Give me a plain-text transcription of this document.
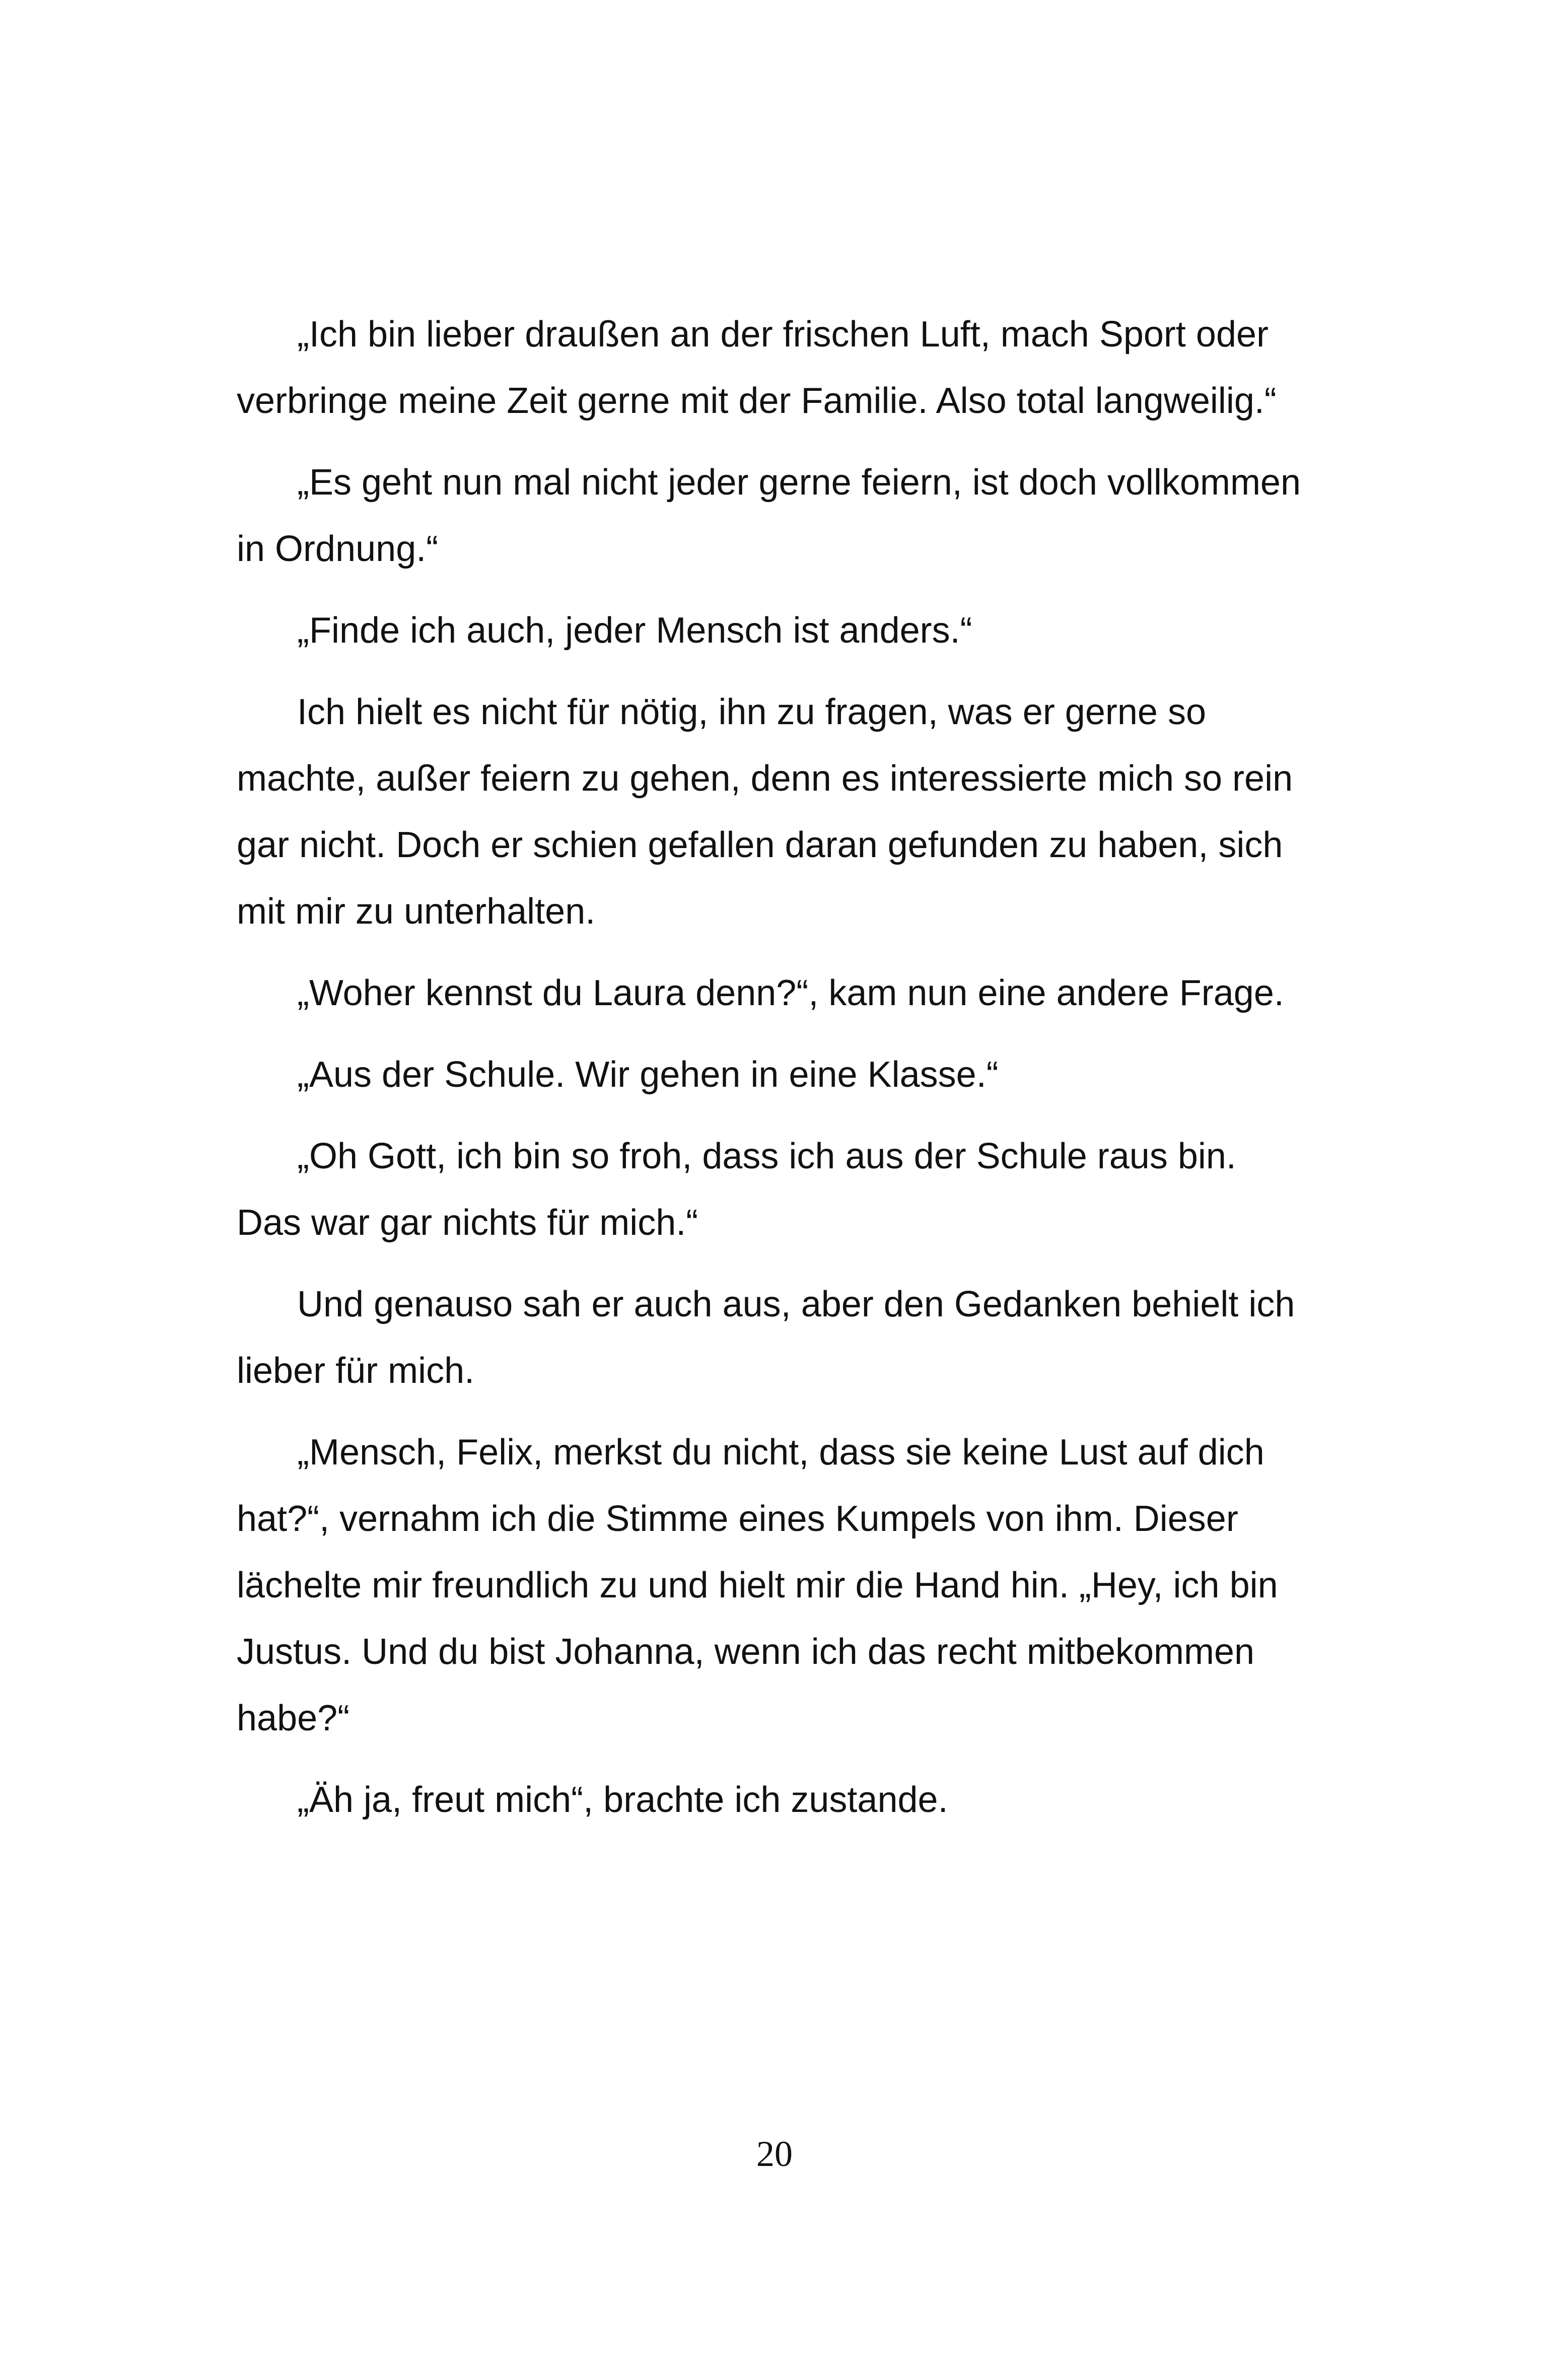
„Ich bin lieber draußen an der frischen Luft, mach Sport oder verbringe meine Zeit gerne mit der Familie. Also total langweilig.“

„Es geht nun mal nicht jeder gerne feiern, ist doch vollkommen in Ordnung.“

„Finde ich auch, jeder Mensch ist anders.“

Ich hielt es nicht für nötig, ihn zu fragen, was er gerne so machte, außer feiern zu gehen, denn es interessierte mich so rein gar nicht. Doch er schien gefallen daran gefunden zu haben, sich mit mir zu unterhalten.

„Woher kennst du Laura denn?“, kam nun eine andere Frage.

„Aus der Schule. Wir gehen in eine Klasse.“

„Oh Gott, ich bin so froh, dass ich aus der Schule raus bin. Das war gar nichts für mich.“

Und genauso sah er auch aus, aber den Gedanken behielt ich lieber für mich.

„Mensch, Felix, merkst du nicht, dass sie keine Lust auf dich hat?“, vernahm ich die Stimme eines Kumpels von ihm. Dieser lächelte mir freundlich zu und hielt mir die Hand hin. „Hey, ich bin Justus. Und du bist Johanna, wenn ich das recht mitbekommen habe?“

„Äh ja, freut mich“, brachte ich zustande.

20
